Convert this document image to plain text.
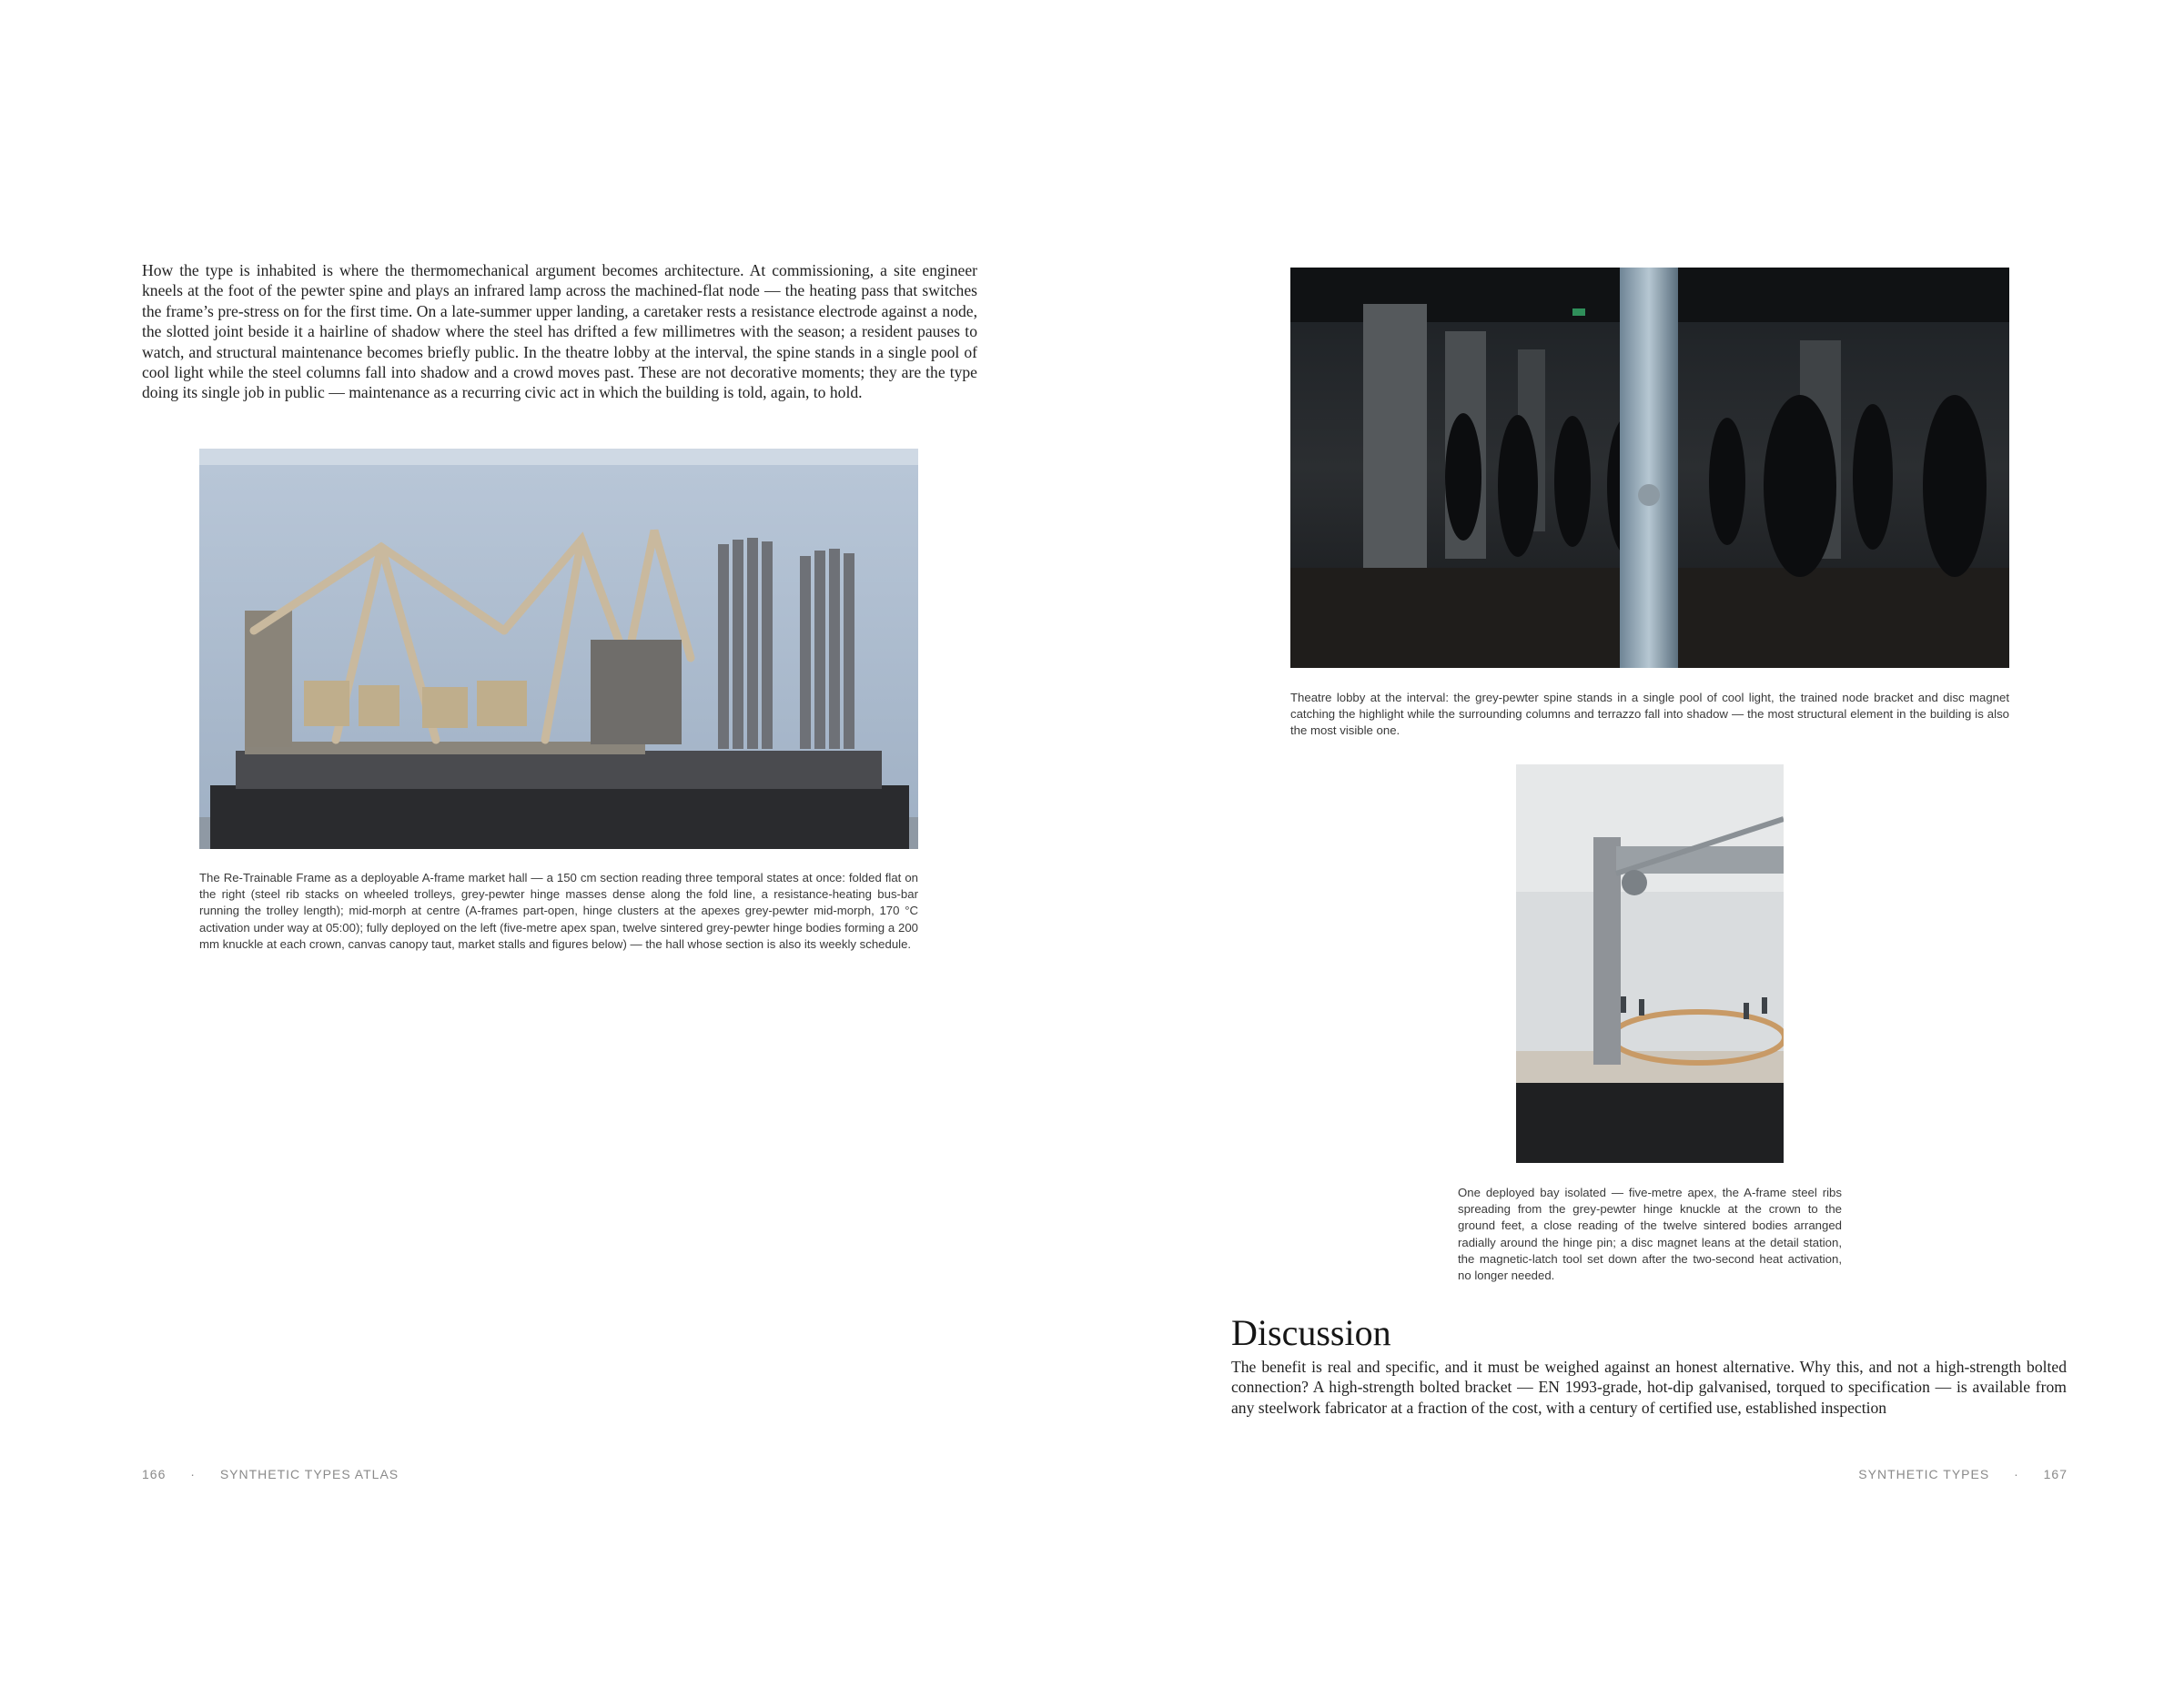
How the type is inhabited is where the thermomechanical argument becomes architecture. At commissioning, a site engineer kneels at the foot of the pewter spine and plays an infrared lamp across the machined-flat node — the heating pass that switches the frame’s pre-stress on for the first time. On a late-summer upper landing, a caretaker rests a resistance electrode against a node, the slotted joint beside it a hairline of shadow where the steel has drifted a few millimetres with the season; a resident pauses to watch, and structural maintenance becomes briefly public. In the theatre lobby at the interval, the spine stands in a single pool of cool light while the steel columns fall into shadow and a crowd moves past. These are not decorative moments; they are the type doing its single job in public — maintenance as a recurring civic act in which the building is told, again, to hold.

The Re-Trainable Frame as a deployable A-frame market hall — a 150 cm section reading three temporal states at once: folded flat on the right (steel rib stacks on wheeled trolleys, grey-pewter hinge masses dense along the fold line, a resistance-heating bus-bar running the trolley length); mid-morph at centre (A-frames part-open, hinge clusters at the apexes grey-pewter mid-morph, 170 °C activation under way at 05:00); fully deployed on the left (five-metre apex span, twelve sintered grey-pewter hinge bodies forming a 200 mm knuckle at each crown, canvas canopy taut, market stalls and figures below) — the hall whose section is also its weekly schedule.

166 · SYNTHETIC TYPES ATLAS

Theatre lobby at the interval: the grey-pewter spine stands in a single pool of cool light, the trained node bracket and disc magnet catching the highlight while the surrounding columns and terrazzo fall into shadow — the most structural element in the building is also the most visible one.

One deployed bay isolated — five-metre apex, the A-frame steel ribs spreading from the grey-pewter hinge knuckle at the crown to the ground feet, a close reading of the twelve sintered bodies arranged radially around the hinge pin; a disc magnet leans at the detail station, the magnetic-latch tool set down after the two-second heat activation, no longer needed.

Discussion

The benefit is real and specific, and it must be weighed against an honest alternative. Why this, and not a high-strength bolted connection? A high-strength bolted bracket — EN 1993-grade, hot-dip galvanised, torqued to specification — is available from any steelwork fabricator at a fraction of the cost, with a century of certified use, established inspection

SYNTHETIC TYPES · 167
